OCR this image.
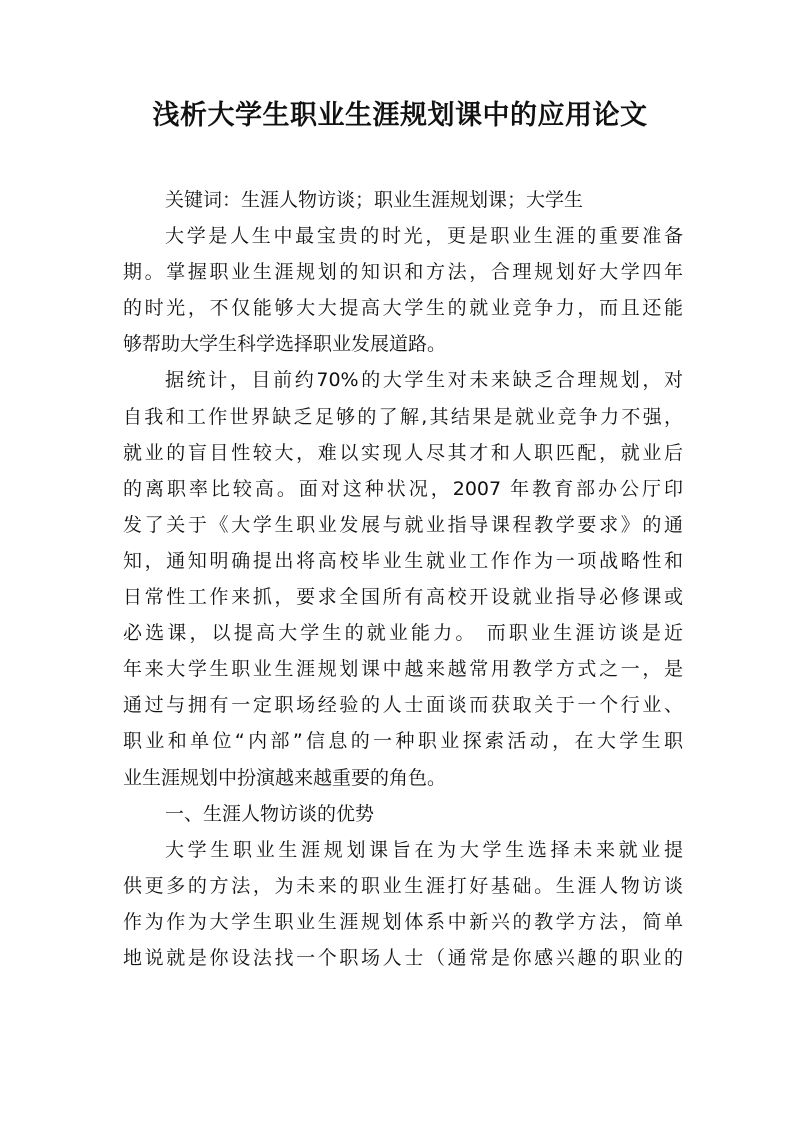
浅析大学生职业生涯规划课中的应用论文
关键词：生涯人物访谈；职业生涯规划课；大学生
大学是人生中最宝贵的时光，更是职业生涯的重要准备
期。掌握职业生涯规划的知识和方法，合理规划好大学四年
的时光，不仅能够大大提高大学生的就业竞争力，而且还能
够帮助大学生科学选择职业发展道路。
据统计，目前约70%的大学生对未来缺乏合理规划，对
自我和工作世界缺乏足够的了解,其结果是就业竞争力不强，
就业的盲目性较大，难以实现人尽其才和人职匹配，就业后
的离职率比较高。面对这种状况，2007 年教育部办公厅印
发了关于《大学生职业发展与就业指导课程教学要求》的通
知，通知明确提出将高校毕业生就业工作作为一项战略性和
日常性工作来抓，要求全国所有高校开设就业指导必修课或
必选课，以提高大学生的就业能力。 而职业生涯访谈是近
年来大学生职业生涯规划课中越来越常用教学方式之一，是
通过与拥有一定职场经验的人士面谈而获取关于一个行业、
职业和单位“内部”信息的一种职业探索活动，在大学生职
业生涯规划中扮演越来越重要的角色。
一、生涯人物访谈的优势
大学生职业生涯规划课旨在为大学生选择未来就业提
供更多的方法，为未来的职业生涯打好基础。生涯人物访谈
作为作为大学生职业生涯规划体系中新兴的教学方法，简单
地说就是你设法找一个职场人士（通常是你感兴趣的职业的
